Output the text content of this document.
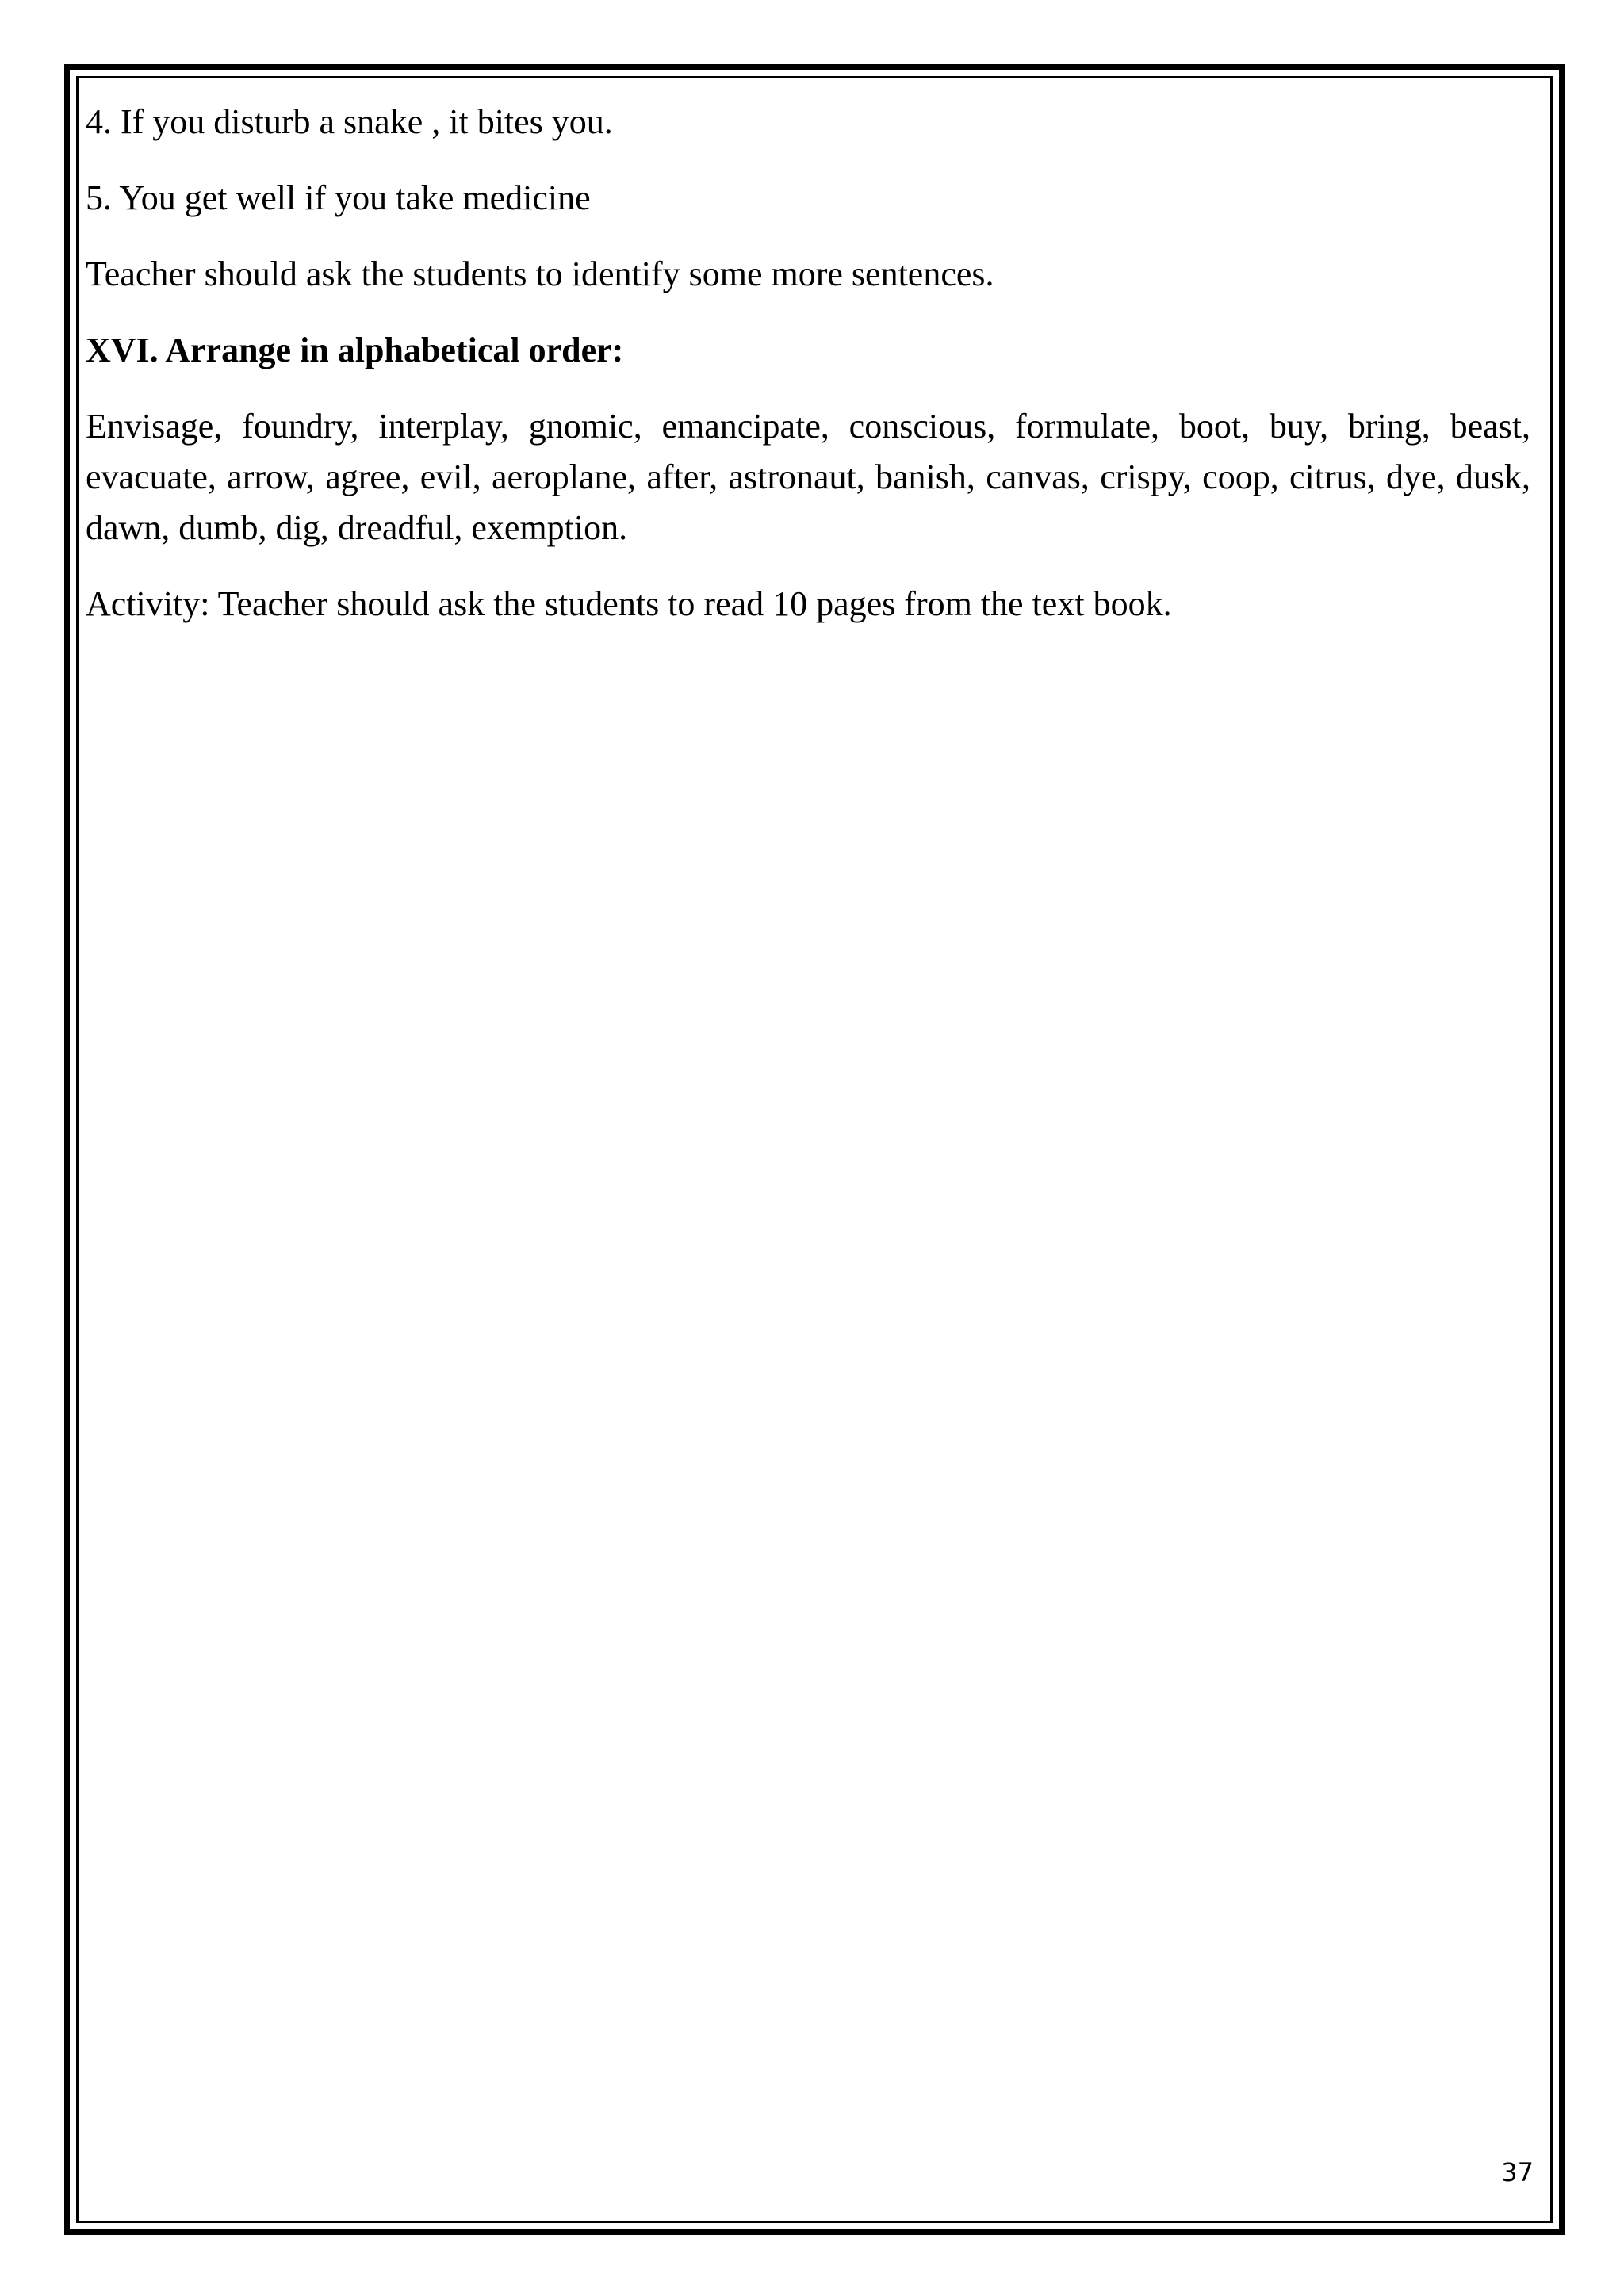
4. If you disturb a snake , it bites you.

5. You get well if you take medicine

Teacher should ask the students to identify some more sentences.

XVI. Arrange in alphabetical order:

Envisage, foundry, interplay, gnomic, emancipate, conscious, formulate, boot, buy, bring, beast, evacuate, arrow, agree, evil, aeroplane, after, astronaut, banish, canvas, crispy, coop, citrus, dye, dusk, dawn, dumb, dig, dreadful, exemption.

Activity: Teacher should ask the students to read 10 pages from the text book.

37
